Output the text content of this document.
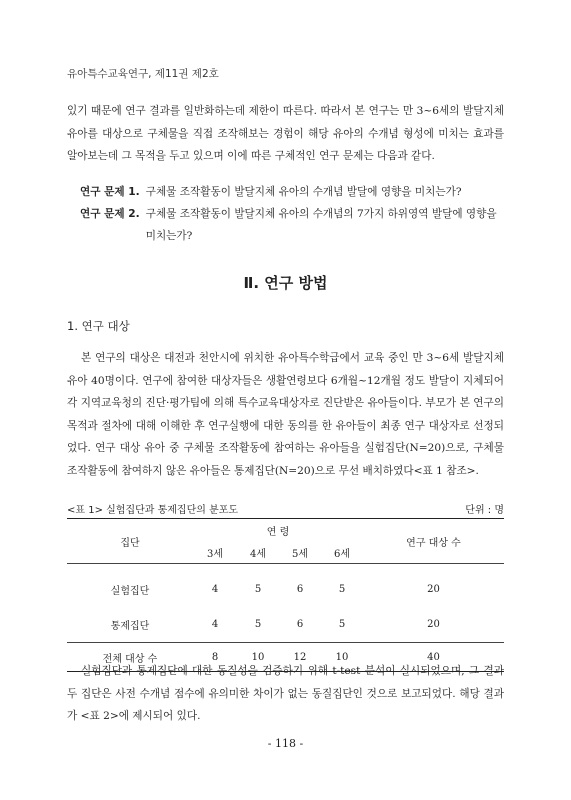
유아특수교육연구, 제11권 제2호

있기 때문에 연구 결과를 일반화하는데 제한이 따른다. 따라서 본 연구는 만 3~6세의 발달지체 유아를 대상으로 구체물을 직접 조작해보는 경험이 해당 유아의 수개념 형성에 미치는 효과를 알아보는데 그 목적을 두고 있으며 이에 따른 구체적인 연구 문제는 다음과 같다.

연구 문제 1. 구체물 조작활동이 발달지체 유아의 수개념 발달에 영향을 미치는가?
연구 문제 2. 구체물 조작활동이 발달지체 유아의 수개념의 7가지 하위영역 발달에 영향을 미치는가?
Ⅱ. 연구 방법
1. 연구 대상

본 연구의 대상은 대전과 천안시에 위치한 유아특수학급에서 교육 중인 만 3~6세 발달지체유아 40명이다. 연구에 참여한 대상자들은 생활연령보다 6개월~12개월 정도 발달이 지체되어 각 지역교육청의 진단·평가팀에 의해 특수교육대상자로 진단받은 유아들이다. 부모가 본 연구의 목적과 절차에 대해 이해한 후 연구실행에 대한 동의를 한 유아들이 최종 연구 대상자로 선정되었다. 연구 대상 유아 중 구체물 조작활동에 참여하는 유아들을 실험집단(N=20)으로, 구체물 조작활동에 참여하지 않은 유아들은 통제집단(N=20)으로 무선 배치하였다<표 1 참조>.

<표 1> 실험집단과 통제집단의 분포도	단위 : 명
집단	연 령				연구 대상 수
	3세	4세	5세	6세	
실험집단	4	5	6	5	20
통제집단	4	5	6	5	20
전체 대상 수	8	10	12	10	40

실험집단과 통제집단에 대한 동질성을 검증하기 위해 t-test 분석이 실시되었으며, 그 결과 두 집단은 사전 수개념 점수에 유의미한 차이가 없는 동질집단인 것으로 보고되었다. 해당 결과가 <표 2>에 제시되어 있다.

- 118 -
